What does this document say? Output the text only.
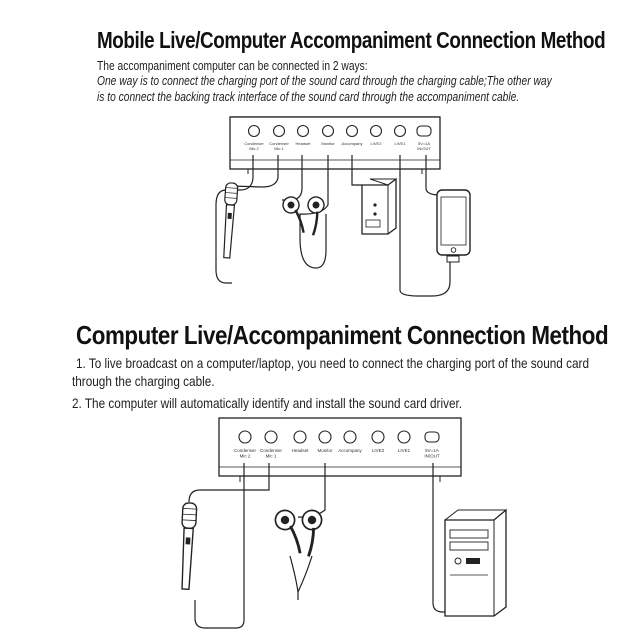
Mobile Live/Computer Accompaniment Connection Method
The accompaniment computer can be connected in 2 ways:
One way is to connect the charging port of the sound card through the charging cable;The other way
is to connect the backing track interface of the sound card through the accompaniment cable.
Computer Live/Accompaniment Connection Method
1. To live broadcast on a computer/laptop, you need to connect the charging port of the sound card
through the charging cable.
2. The computer will automatically identify and install the sound card driver.
Condenser
Mic 2
Condenser
Mic 1
Headset	Monitor Accompany LIVE2	LIVE1	5V=1A
IN/OUT
Condenser
Mic 2
Condenser
Mic 1
Headset Monitor Accompany LIVE2	LIVE1	5V=1A
IN/OUT
